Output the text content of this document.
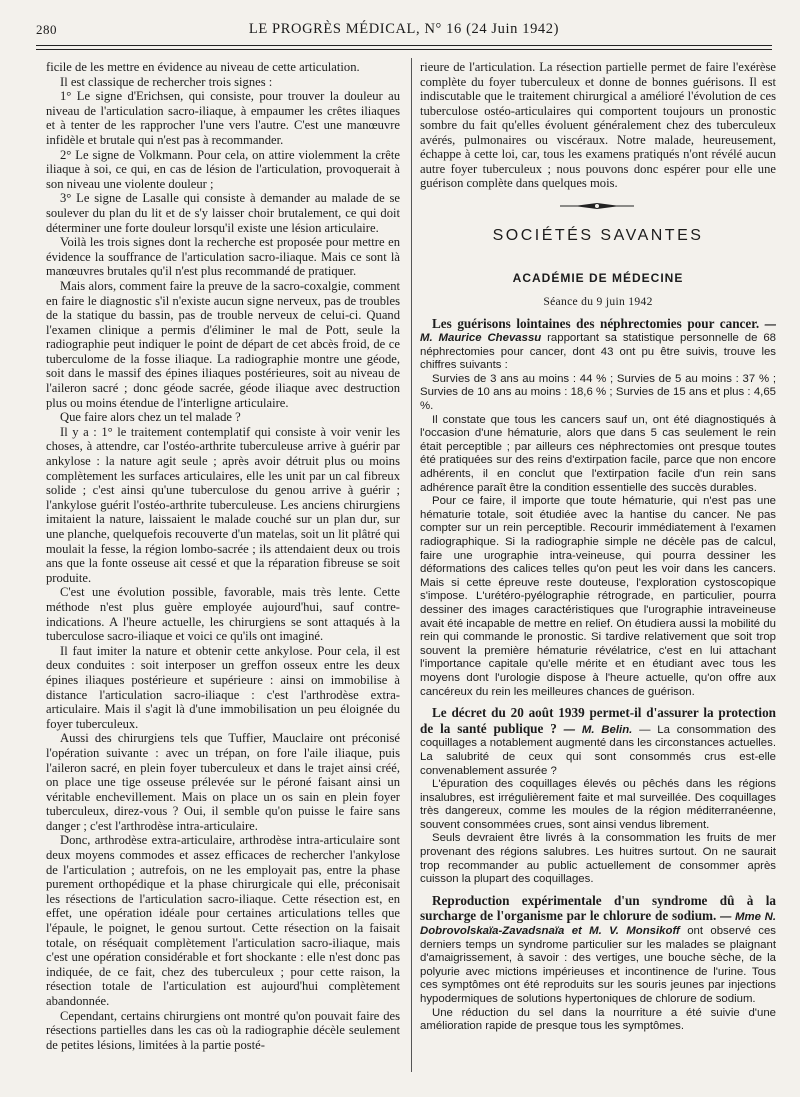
280	LE PROGRÈS MÉDICAL, N° 16 (24 Juin 1942)

ficile de les mettre en évidence au niveau de cette articulation.

Il est classique de rechercher trois signes :

1° Le signe d'Erichsen, qui consiste, pour trouver la douleur au niveau de l'articulation sacro-iliaque, à empaumer les crêtes iliaques et à tenter de les rapprocher l'une vers l'autre. C'est une manœuvre infidèle et brutale qui n'est pas à recommander.

2° Le signe de Volkmann. Pour cela, on attire violemment la crête iliaque à soi, ce qui, en cas de lésion de l'articulation, provoquerait à son niveau une violente douleur ;

3° Le signe de Lasalle qui consiste à demander au malade de se soulever du plan du lit et de s'y laisser choir brutalement, ce qui doit déterminer une forte douleur lorsqu'il existe une lésion articulaire.

Voilà les trois signes dont la recherche est proposée pour mettre en évidence la souffrance de l'articulation sacro-iliaque. Mais ce sont là manœuvres brutales qu'il n'est plus recommandé de pratiquer.

Mais alors, comment faire la preuve de la sacro-coxalgie, comment en faire le diagnostic s'il n'existe aucun signe nerveux, pas de troubles de la statique du bassin, pas de trouble nerveux de celui-ci. Quand l'examen clinique a permis d'éliminer le mal de Pott, seule la radiographie peut indiquer le point de départ de cet abcès froid, de ce tuberculome de la fosse iliaque. La radiographie montre une géode, soit dans le massif des épines iliaques postérieures, soit au niveau de l'aileron sacré ; donc géode sacrée, géode iliaque avec destruction plus ou moins étendue de l'interligne articulaire.

Que faire alors chez un tel malade ?

Il y a : 1° le traitement contemplatif qui consiste à voir venir les choses, à attendre, car l'ostéo-arthrite tuberculeuse arrive à guérir par ankylose : la nature agit seule ; après avoir détruit plus ou moins complètement les surfaces articulaires, elle les unit par un cal fibreux solide ; c'est ainsi qu'une tuberculose du genou arrive à guérir ; l'ankylose guérit l'ostéo-arthrite tuberculeuse. Les anciens chirurgiens imitaient la nature, laissaient le malade couché sur un plan dur, sur une planche, quelquefois recouverte d'un matelas, soit un lit plâtré qui moulait la fesse, la région lombo-sacrée ; ils attendaient deux ou trois ans que la fonte osseuse ait cessé et que la réparation fibreuse se soit produite.

C'est une évolution possible, favorable, mais très lente. Cette méthode n'est plus guère employée aujourd'hui, sauf contre-indications. A l'heure actuelle, les chirurgiens se sont attaqués à la tuberculose sacro-iliaque et voici ce qu'ils ont imaginé.

Il faut imiter la nature et obtenir cette ankylose. Pour cela, il est deux conduites : soit interposer un greffon osseux entre les deux épines iliaques postérieure et supérieure : ainsi on immobilise à distance l'articulation sacro-iliaque : c'est l'arthrodèse extra-articulaire. Mais il s'agit là d'une immobilisation un peu éloignée du foyer tuberculeux.

Aussi des chirurgiens tels que Tuffier, Mauclaire ont préconisé l'opération suivante : avec un trépan, on fore l'aile iliaque, puis l'aileron sacré, en plein foyer tuberculeux et dans le trajet ainsi créé, on place une tige osseuse prélevée sur le péroné faisant ainsi un véritable enchevillement. Mais on place un os sain en plein foyer tuberculeux, direz-vous ? Oui, il semble qu'on puisse le faire sans danger ; c'est l'arthrodèse intra-articulaire.

Donc, arthrodèse extra-articulaire, arthrodèse intra-articulaire sont deux moyens commodes et assez efficaces de rechercher l'ankylose de l'articulation ; autrefois, on ne les employait pas, entre la phase purement orthopédique et la phase chirurgicale qui elle, préconisait les résections de l'articulation sacro-iliaque. Cette résection est, en effet, une opération idéale pour certaines articulations telles que l'épaule, le poignet, le genou surtout. Cette résection on la faisait totale, on réséquait complètement l'articulation sacro-iliaque, mais c'est une opération considérable et fort shockante : elle n'est donc pas indiquée, de ce fait, chez des tuberculeux ; pour cette raison, la résection totale de l'articulation est aujourd'hui complètement abandonnée.

Cependant, certains chirurgiens ont montré qu'on pouvait faire des résections partielles dans les cas où la radiographie décèle seulement de petites lésions, limitées à la partie posté-

rieure de l'articulation. La résection partielle permet de faire l'exérèse complète du foyer tuberculeux et donne de bonnes guérisons. Il est indiscutable que le traitement chirurgical a amélioré l'évolution de ces tuberculose ostéo-articulaires qui comportent toujours un pronostic sombre du fait qu'elles évoluent généralement chez des tuberculeux avérés, pulmonaires ou viscéraux. Notre malade, heureusement, échappe à cette loi, car, tous les examens pratiqués n'ont révélé aucun autre foyer tuberculeux ; nous pouvons donc espérer pour elle une guérison complète dans quelques mois.

SOCIÉTÉS SAVANTES
ACADÉMIE DE MÉDECINE
Séance du 9 juin 1942

Les guérisons lointaines des néphrectomies pour cancer. — M. Maurice Chevassu rapportant sa statistique personnelle de 68 néphrectomies pour cancer, dont 43 ont pu être suivis, trouve les chiffres suivants :

Survies de 3 ans au moins : 44 % ; Survies de 5 au moins : 37 % ; Survies de 10 ans au moins : 18,6 % ; Survies de 15 ans et plus : 4,65 %.

Il constate que tous les cancers sauf un, ont été diagnostiqués à l'occasion d'une hématurie, alors que dans 5 cas seulement le rein était perceptible ; par ailleurs ces néphrectomies ont presque toutes été pratiquées sur des reins d'extirpation facile, parce que non encore adhérents, il en conclut que l'extirpation facile d'un rein sans adhérence paraît être la condition essentielle des succès durables.

Pour ce faire, il importe que toute hématurie, qui n'est pas une hématurie totale, soit étudiée avec la hantise du cancer. Ne pas compter sur un rein perceptible. Recourir immédiatement à l'examen radiographique. Si la radiographie simple ne décèle pas de calcul, faire une urographie intra-veineuse, qui pourra dessiner les déformations des calices telles qu'on peut les voir dans les cancers. Mais si cette épreuve reste douteuse, l'exploration cystoscopique s'impose. L'urétéro-pyélographie rétrograde, en particulier, pourra dessiner des images caractéristiques que l'urographie intraveineuse avait été incapable de mettre en relief. On étudiera aussi la mobilité du rein qui commande le pronostic. Si tardive relativement que soit trop souvent la première hématurie révélatrice, c'est en lui attachant l'importance capitale qu'elle mérite et en étudiant avec tous les moyens dont l'urologie dispose à l'heure actuelle, qu'on offre aux cancéreux du rein les meilleures chances de guérison.

Le décret du 20 août 1939 permet-il d'assurer la protection de la santé publique ? — M. Belin. — La consommation des coquillages a notablement augmenté dans les circonstances actuelles. La salubrité de ceux qui sont consommés crus est-elle convenablement assurée ?

L'épuration des coquillages élevés ou pêchés dans les régions insalubres, est irrégulièrement faite et mal surveillée. Des coquillages très dangereux, comme les moules de la région méditerranéenne, souvent consommées crues, sont ainsi vendus librement.

Seuls devraient être livrés à la consommation les fruits de mer provenant des régions salubres. Les huitres surtout. On ne saurait trop recommander au public actuellement de consommer après cuisson la plupart des coquillages.

Reproduction expérimentale d'un syndrome dû à la surcharge de l'organisme par le chlorure de sodium. — Mme N. Dobrovolskaïa-Zavadsnaïa et M. V. Monsikoff ont observé ces derniers temps un syndrome particulier sur les malades se plaignant d'amaigrissement, à savoir : des vertiges, une bouche sèche, de la polyurie avec mictions impérieuses et incontinence de l'urine. Tous ces symptômes ont été reproduits sur les souris jeunes par injections hypodermiques de solutions hypertoniques de chlorure de sodium.

Une réduction du sel dans la nourriture a été suivie d'une amélioration rapide de presque tous les symptômes.
